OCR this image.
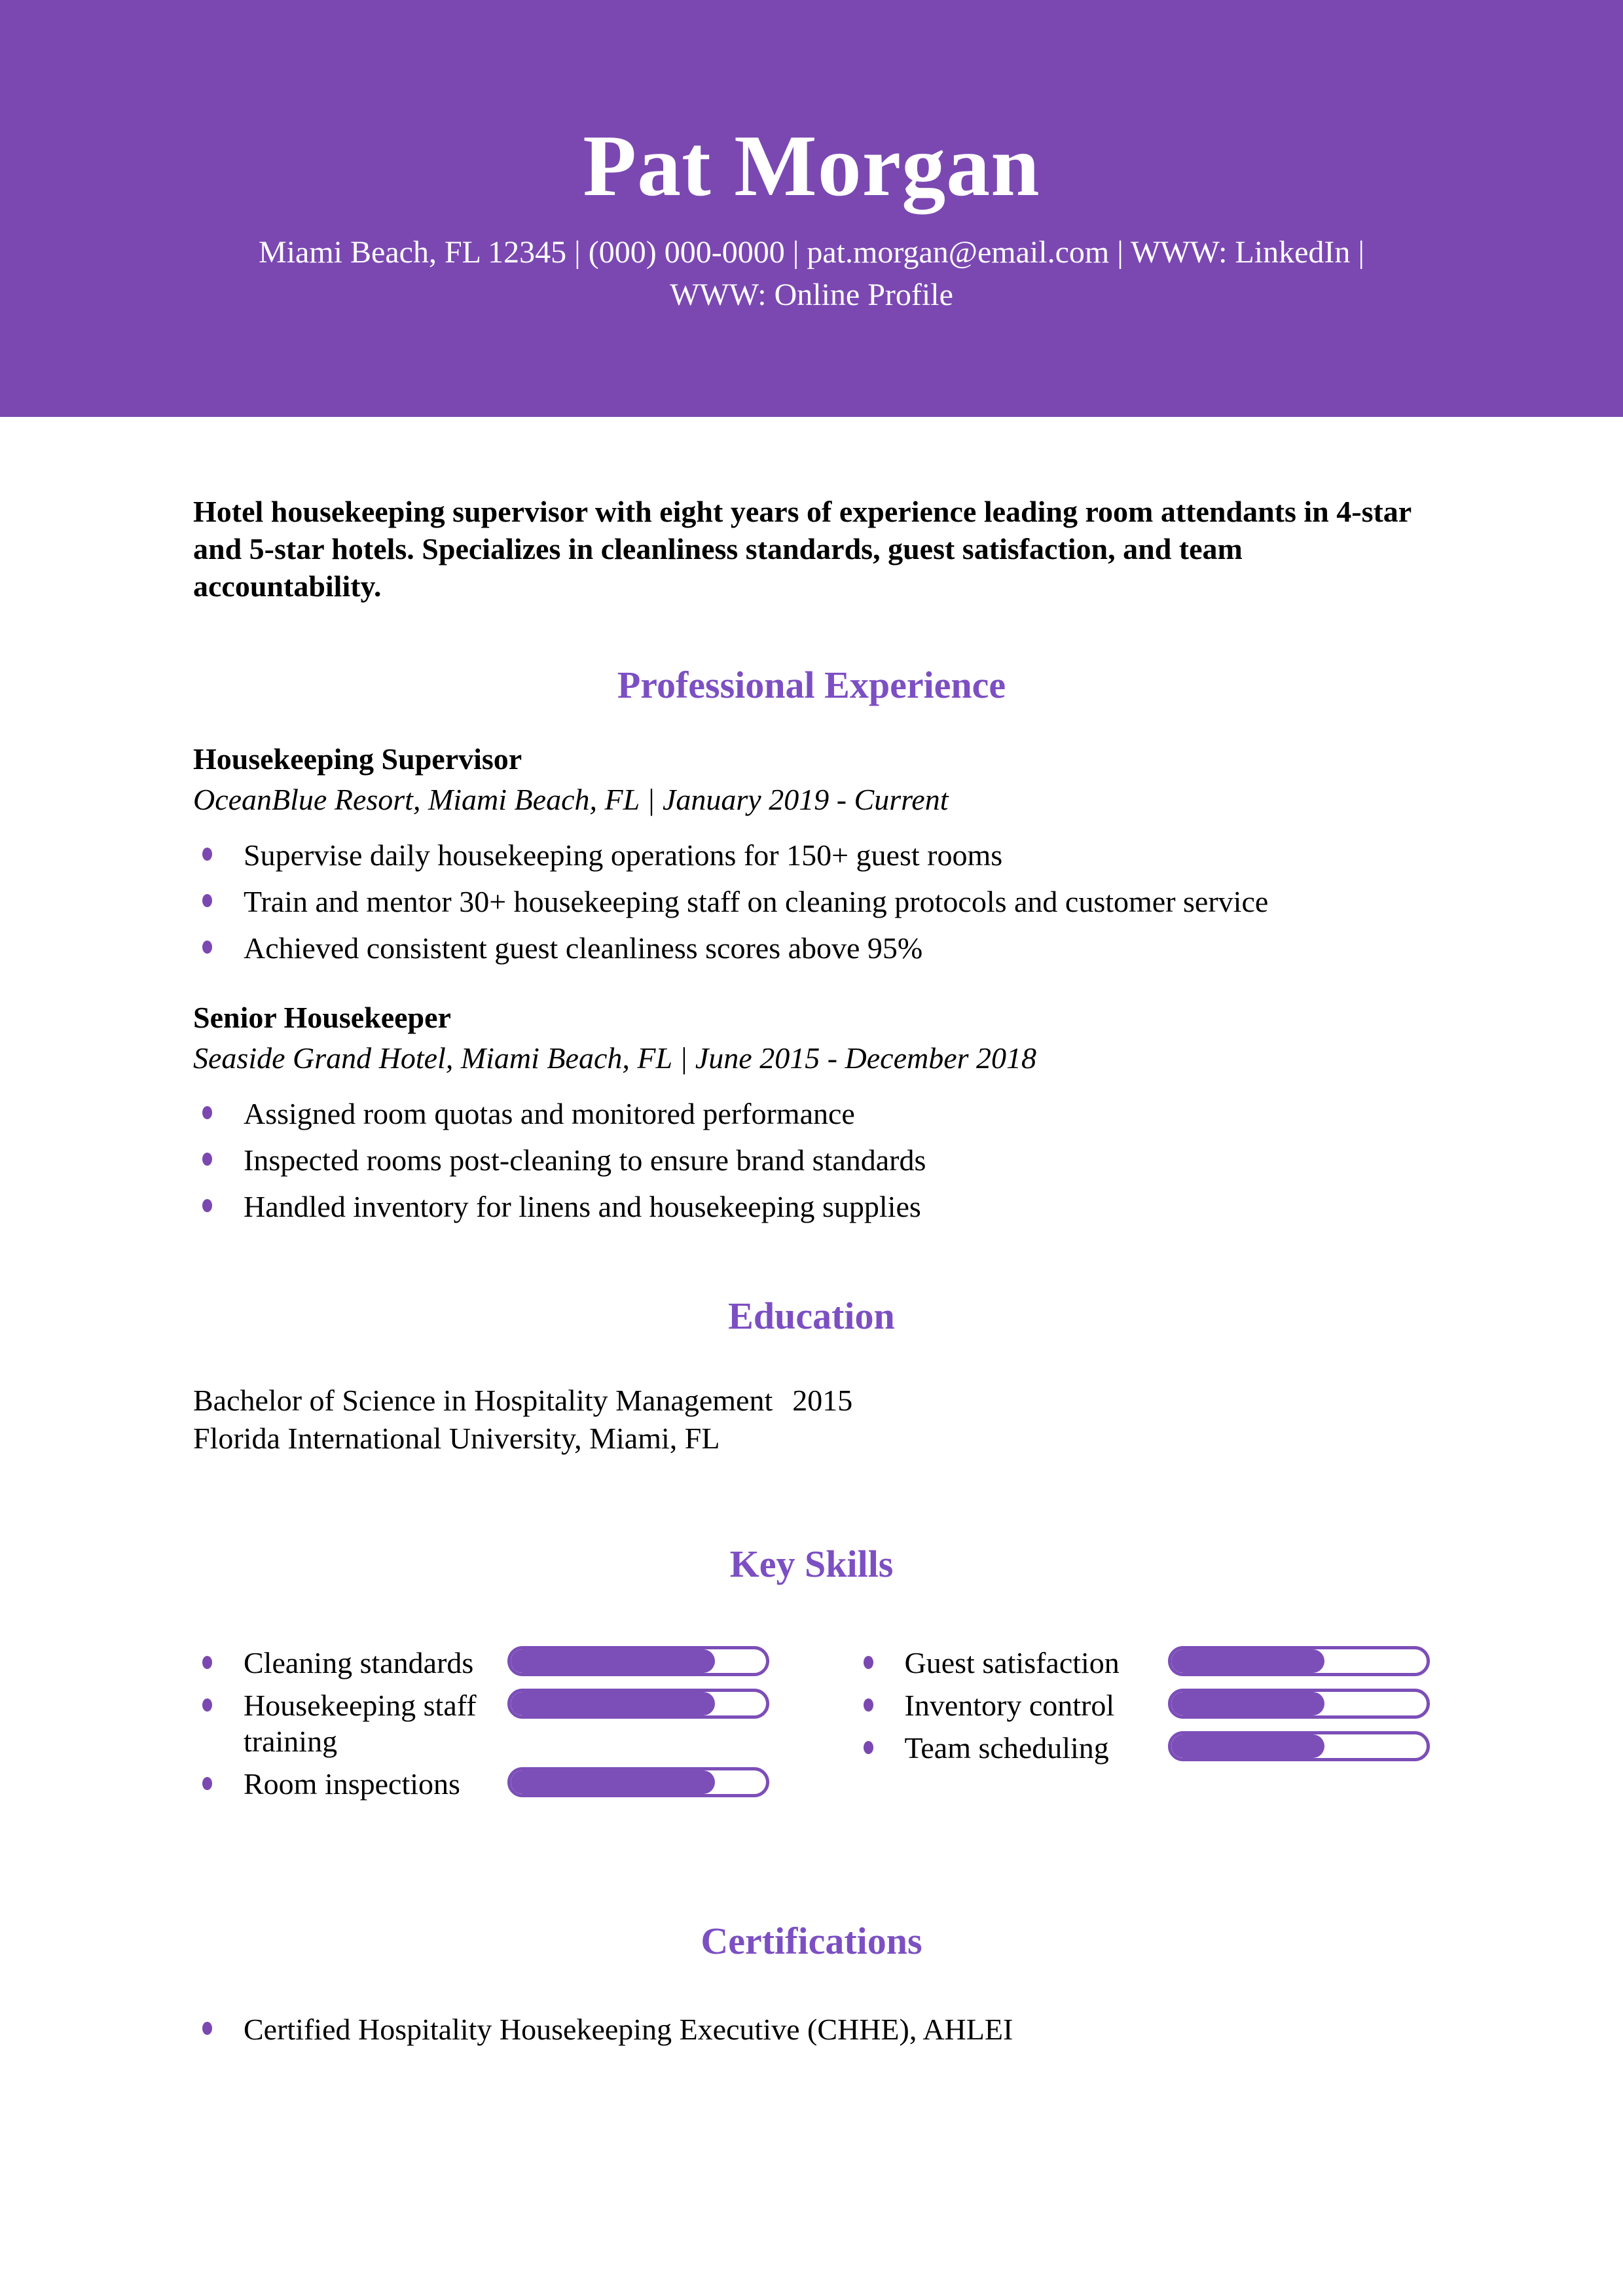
Pat Morgan
Miami Beach, FL 12345 | (000) 000-0000 | pat.morgan@email.com | WWW: LinkedIn |
WWW: Online Profile
Hotel housekeeping supervisor with eight years of experience leading room attendants in 4-star and 5-star hotels. Specializes in cleanliness standards, guest satisfaction, and team accountability.
Professional Experience
Housekeeping Supervisor
OceanBlue Resort, Miami Beach, FL | January 2019 - Current
Supervise daily housekeeping operations for 150+ guest rooms
Train and mentor 30+ housekeeping staff on cleaning protocols and customer service
Achieved consistent guest cleanliness scores above 95%
Senior Housekeeper
Seaside Grand Hotel, Miami Beach, FL | June 2015 - December 2018
Assigned room quotas and monitored performance
Inspected rooms post-cleaning to ensure brand standards
Handled inventory for linens and housekeeping supplies
Education
Bachelor of Science in Hospitality Management 2015
Florida International University, Miami, FL
Key Skills
Cleaning standards
Housekeeping staff training
Room inspections
Guest satisfaction
Inventory control
Team scheduling
Certifications
Certified Hospitality Housekeeping Executive (CHHE), AHLEI
